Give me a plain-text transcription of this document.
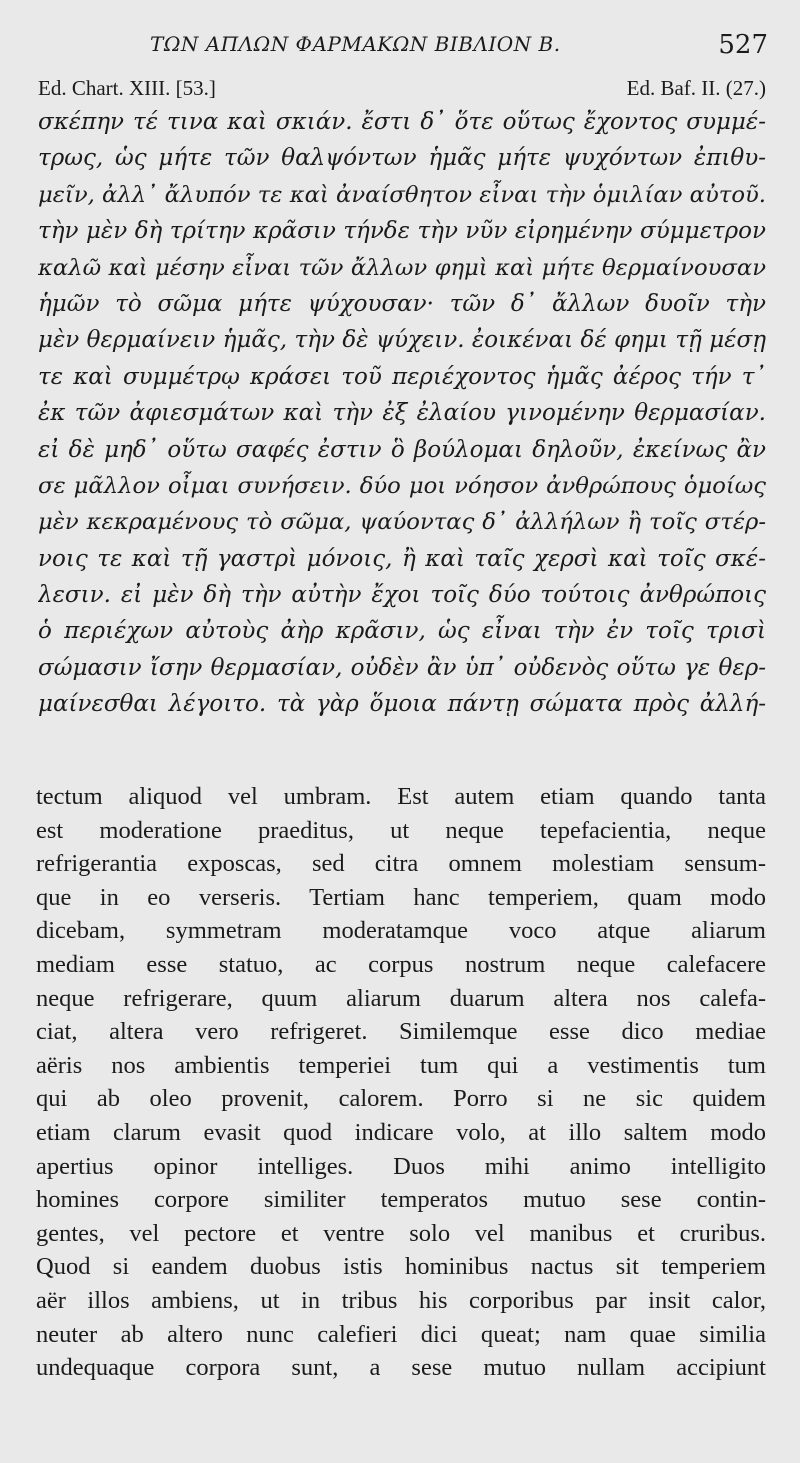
ΤΩΝ ΑΠΛΩΝ ΦΑΡΜΑΚΩΝ ΒΙΒΛΙΟΝ Β.	527
Ed. Chart. XIII. [53.]	Ed. Baf. II. (27.)
σκέπην τέ τινα καὶ σκιάν. ἔστι δ᾽ ὅτε οὕτως ἔχοντος συμμέ-
τρως, ὡς μήτε τῶν θαλψόντων ἡμᾶς μήτε ψυχόντων ἐπιθυ-
μεῖν, ἀλλ᾽ ἄλυπόν τε καὶ ἀναίσθητον εἶναι τὴν ὁμιλίαν αὐτοῦ.
τὴν μὲν δὴ τρίτην κρᾶσιν τήνδε τὴν νῦν εἰρημένην σύμμετρον
καλῶ καὶ μέσην εἶναι τῶν ἄλλων φημὶ καὶ μήτε θερμαίνουσαν
ἡμῶν τὸ σῶμα μήτε ψύχουσαν· τῶν δ᾽ ἄλλων δυοῖν τὴν
μὲν θερμαίνειν ἡμᾶς, τὴν δὲ ψύχειν. ἐοικέναι δέ φημι τῇ μέσῃ
τε καὶ συμμέτρῳ κράσει τοῦ περιέχοντος ἡμᾶς ἀέρος τήν τ᾽
ἐκ τῶν ἀφιεσμάτων καὶ τὴν ἐξ ἐλαίου γινομένην θερμασίαν.
εἰ δὲ μηδ᾽ οὕτω σαφές ἐστιν ὃ βούλομαι δηλοῦν, ἐκείνως ἂν
σε μᾶλλον οἶμαι συνήσειν. δύο μοι νόησον ἀνθρώπους ὁμοίως
μὲν κεκραμένους τὸ σῶμα, ψαύοντας δ᾽ ἀλλήλων ἢ τοῖς στέρ-
νοις τε καὶ τῇ γαστρὶ μόνοις, ἢ καὶ ταῖς χερσὶ καὶ τοῖς σκέ-
λεσιν. εἰ μὲν δὴ τὴν αὐτὴν ἔχοι τοῖς δύο τούτοις ἀνθρώποις
ὁ περιέχων αὐτοὺς ἀὴρ κρᾶσιν, ὡς εἶναι τὴν ἐν τοῖς τρισὶ
σώμασιν ἴσην θερμασίαν, οὐδὲν ἂν ὑπ᾽ οὐδενὸς οὕτω γε θερ-
μαίνεσθαι λέγοιτο. τὰ γὰρ ὅμοια πάντῃ σώματα πρὸς ἀλλή-
tectum aliquod vel umbram. Est autem etiam quando tanta
est moderatione praeditus, ut neque tepefacientia, neque
refrigerantia exposcas, sed citra omnem molestiam sensum-
que in eo verseris. Tertiam hanc temperiem, quam modo
dicebam, symmetram moderatamque voco atque aliarum
mediam esse statuo, ac corpus nostrum neque calefacere
neque refrigerare, quum aliarum duarum altera nos calefa-
ciat, altera vero refrigeret. Similemque esse dico mediae
aëris nos ambientis temperiei tum qui a vestimentis tum
qui ab oleo provenit, calorem. Porro si ne sic quidem
etiam clarum evasit quod indicare volo, at illo saltem modo
apertius opinor intelliges. Duos mihi animo intelligito
homines corpore similiter temperatos mutuo sese contin-
gentes, vel pectore et ventre solo vel manibus et cruribus.
Quod si eandem duobus istis hominibus nactus sit temperiem
aër illos ambiens, ut in tribus his corporibus par insit calor,
neuter ab altero nunc calefieri dici queat; nam quae similia
undequaque corpora sunt, a sese mutuo nullam accipiunt
